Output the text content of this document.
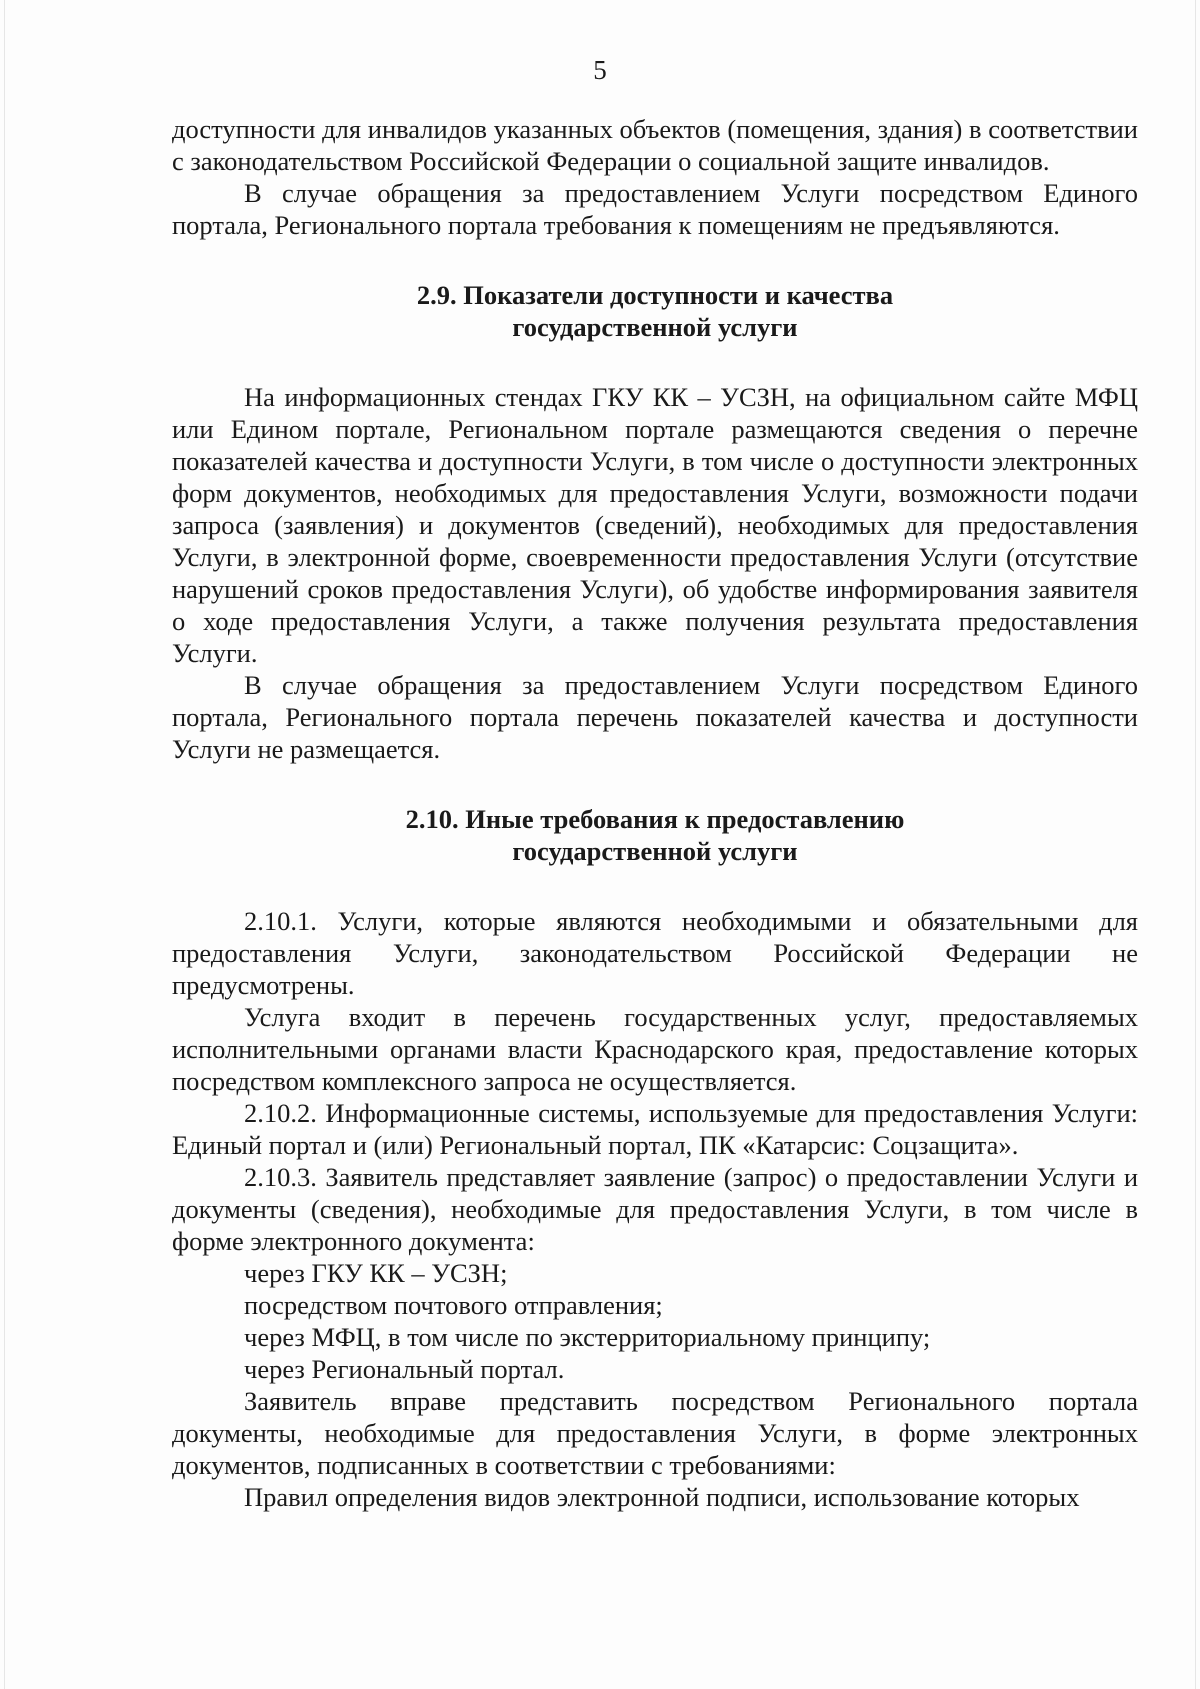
5

доступности для инвалидов указанных объектов (помещения, здания) в соответствии с законодательством Российской Федерации о социальной защите инвалидов.

В случае обращения за предоставлением Услуги посредством Единого портала, Регионального портала требования к помещениям не предъявляются.

2.9. Показатели доступности и качества
государственной услуги

На информационных стендах ГКУ КК – УСЗН, на официальном сайте МФЦ или Едином портале, Региональном портале размещаются сведения о перечне показателей качества и доступности Услуги, в том числе о доступности электронных форм документов, необходимых для предоставления Услуги, возможности подачи запроса (заявления) и документов (сведений), необходимых для предоставления Услуги, в электронной форме, своевременности предоставления Услуги (отсутствие нарушений сроков предоставления Услуги), об удобстве информирования заявителя о ходе предоставления Услуги, а также получения результата предоставления Услуги.

В случае обращения за предоставлением Услуги посредством Единого портала, Регионального портала перечень показателей качества и доступности Услуги не размещается.

2.10. Иные требования к предоставлению
государственной услуги

2.10.1. Услуги, которые являются необходимыми и обязательными для предоставления Услуги, законодательством Российской Федерации не предусмотрены.

Услуга входит в перечень государственных услуг, предоставляемых исполнительными органами власти Краснодарского края, предоставление которых посредством комплексного запроса не осуществляется.

2.10.2. Информационные системы, используемые для предоставления Услуги: Единый портал и (или) Региональный портал, ПК «Катарсис: Соцзащита».

2.10.3. Заявитель представляет заявление (запрос) о предоставлении Услуги и документы (сведения), необходимые для предоставления Услуги, в том числе в форме электронного документа:

через ГКУ КК – УСЗН;

посредством почтового отправления;

через МФЦ, в том числе по экстерриториальному принципу;

через Региональный портал.

Заявитель вправе представить посредством Регионального портала документы, необходимые для предоставления Услуги, в форме электронных документов, подписанных в соответствии с требованиями:

Правил определения видов электронной подписи, использование которых
